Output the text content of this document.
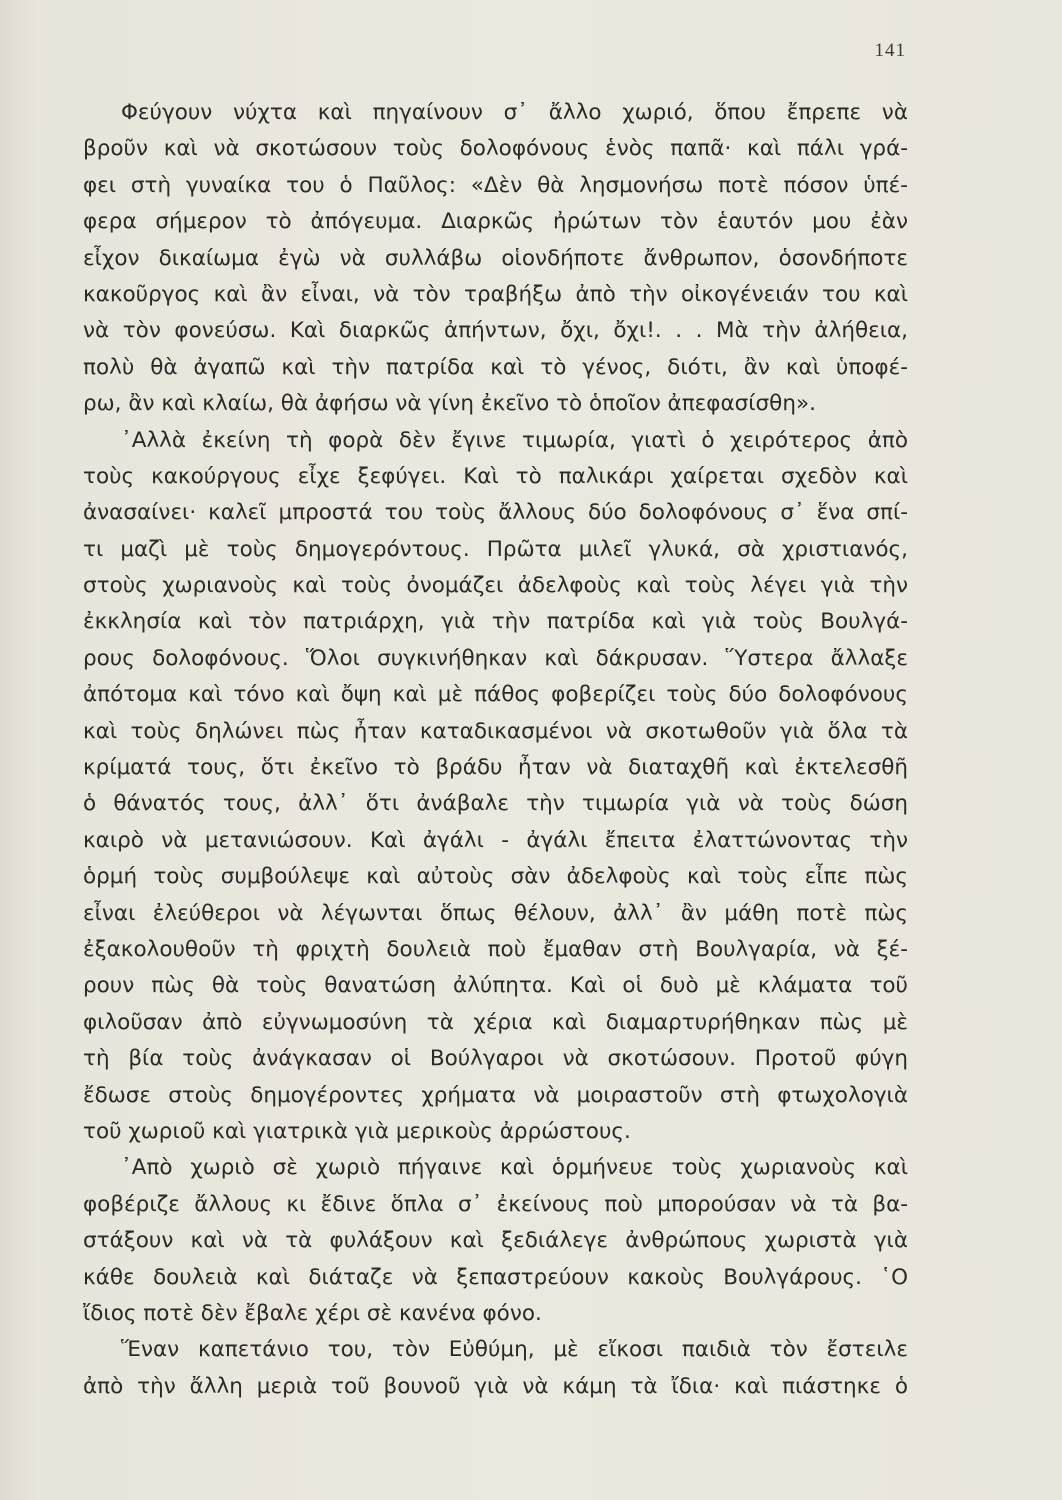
141
Φεύγουν νύχτα καὶ πηγαίνουν σ᾽ ἄλλο χωριό, ὅπου ἔπρεπε νὰ
βροῦν καὶ νὰ σκοτώσουν τοὺς δολοφόνους ἑνὸς παπᾶ· καὶ πάλι γρά-
φει στὴ γυναίκα του ὁ Παῦλος: «Δὲν θὰ λησμονήσω ποτὲ πόσον ὑπέ-
φερα σήμερον τὸ ἀπόγευμα. Διαρκῶς ἠρώτων τὸν ἑαυτόν μου ἐὰν
εἶχον δικαίωμα ἐγὼ νὰ συλλάβω οἱονδήποτε ἄνθρωπον, ὁσονδήποτε
κακοῦργος καὶ ἂν εἶναι, νὰ τὸν τραβήξω ἀπὸ τὴν οἰκογένειάν του καὶ
νὰ τὸν φονεύσω. Καὶ διαρκῶς ἀπήντων, ὄχι, ὄχι!. . . Μὰ τὴν ἀλήθεια,
πολὺ θὰ ἀγαπῶ καὶ τὴν πατρίδα καὶ τὸ γένος, διότι, ἂν καὶ ὑποφέ-
ρω, ἂν καὶ κλαίω, θὰ ἀφήσω νὰ γίνη ἐκεῖνο τὸ ὁποῖον ἀπεφασίσθη».
᾿Αλλὰ ἐκείνη τὴ φορὰ δὲν ἔγινε τιμωρία, γιατὶ ὁ χειρότερος ἀπὸ
τοὺς κακούργους εἶχε ξεφύγει. Καὶ τὸ παλικάρι χαίρεται σχεδὸν καὶ
ἀνασαίνει· καλεῖ μπροστά του τοὺς ἄλλους δύο δολοφόνους σ᾽ ἕνα σπί-
τι μαζὶ μὲ τοὺς δημογερόντους. Πρῶτα μιλεῖ γλυκά, σὰ χριστιανός,
στοὺς χωριανοὺς καὶ τοὺς ὀνομάζει ἀδελφοὺς καὶ τοὺς λέγει γιὰ τὴν
ἐκκλησία καὶ τὸν πατριάρχη, γιὰ τὴν πατρίδα καὶ γιὰ τοὺς Βουλγά-
ρους δολοφόνους. Ὅλοι συγκινήθηκαν καὶ δάκρυσαν. Ὕστερα ἄλλαξε
ἀπότομα καὶ τόνο καὶ ὄψη καὶ μὲ πάθος φοβερίζει τοὺς δύο δολοφόνους
καὶ τοὺς δηλώνει πὼς ἦταν καταδικασμένοι νὰ σκοτωθοῦν γιὰ ὅλα τὰ
κρίματά τους, ὅτι ἐκεῖνο τὸ βράδυ ἦταν νὰ διαταχθῆ καὶ ἐκτελεσθῆ
ὁ θάνατός τους, ἀλλ᾽ ὅτι ἀνάβαλε τὴν τιμωρία γιὰ νὰ τοὺς δώση
καιρὸ νὰ μετανιώσουν. Καὶ ἀγάλι - ἀγάλι ἔπειτα ἐλαττώνοντας τὴν
ὁρμή τοὺς συμβούλεψε καὶ αὐτοὺς σὰν ἀδελφοὺς καὶ τοὺς εἶπε πὼς
εἶναι ἐλεύθεροι νὰ λέγωνται ὅπως θέλουν, ἀλλ᾽ ἂν μάθη ποτὲ πὼς
ἐξακολουθοῦν τὴ φριχτὴ δουλειὰ ποὺ ἔμαθαν στὴ Βουλγαρία, νὰ ξέ-
ρουν πὼς θὰ τοὺς θανατώση ἀλύπητα. Καὶ οἱ δυὸ μὲ κλάματα τοῦ
φιλοῦσαν ἀπὸ εὐγνωμοσύνη τὰ χέρια καὶ διαμαρτυρήθηκαν πὼς μὲ
τὴ βία τοὺς ἀνάγκασαν οἱ Βούλγαροι νὰ σκοτώσουν. Προτοῦ φύγη
ἔδωσε στοὺς δημογέροντες χρήματα νὰ μοιραστοῦν στὴ φτωχολογιὰ
τοῦ χωριοῦ καὶ γιατρικὰ γιὰ μερικοὺς ἀρρώστους.
᾿Απὸ χωριὸ σὲ χωριὸ πήγαινε καὶ ὁρμήνευε τοὺς χωριανοὺς καὶ
φοβέριζε ἄλλους κι ἔδινε ὅπλα σ᾽ ἐκείνους ποὺ μπορούσαν νὰ τὰ βα-
στάξουν καὶ νὰ τὰ φυλάξουν καὶ ξεδιάλεγε ἀνθρώπους χωριστὰ γιὰ
κάθε δουλειὰ καὶ διάταζε νὰ ξεπαστρεύουν κακοὺς Βουλγάρους. ῾Ο
ἴδιος ποτὲ δὲν ἔβαλε χέρι σὲ κανένα φόνο.
Ἕναν καπετάνιο του, τὸν Εὐθύμη, μὲ εἴκοσι παιδιὰ τὸν ἔστειλε
ἀπὸ τὴν ἄλλη μεριὰ τοῦ βουνοῦ γιὰ νὰ κάμη τὰ ἴδια· καὶ πιάστηκε ὁ
